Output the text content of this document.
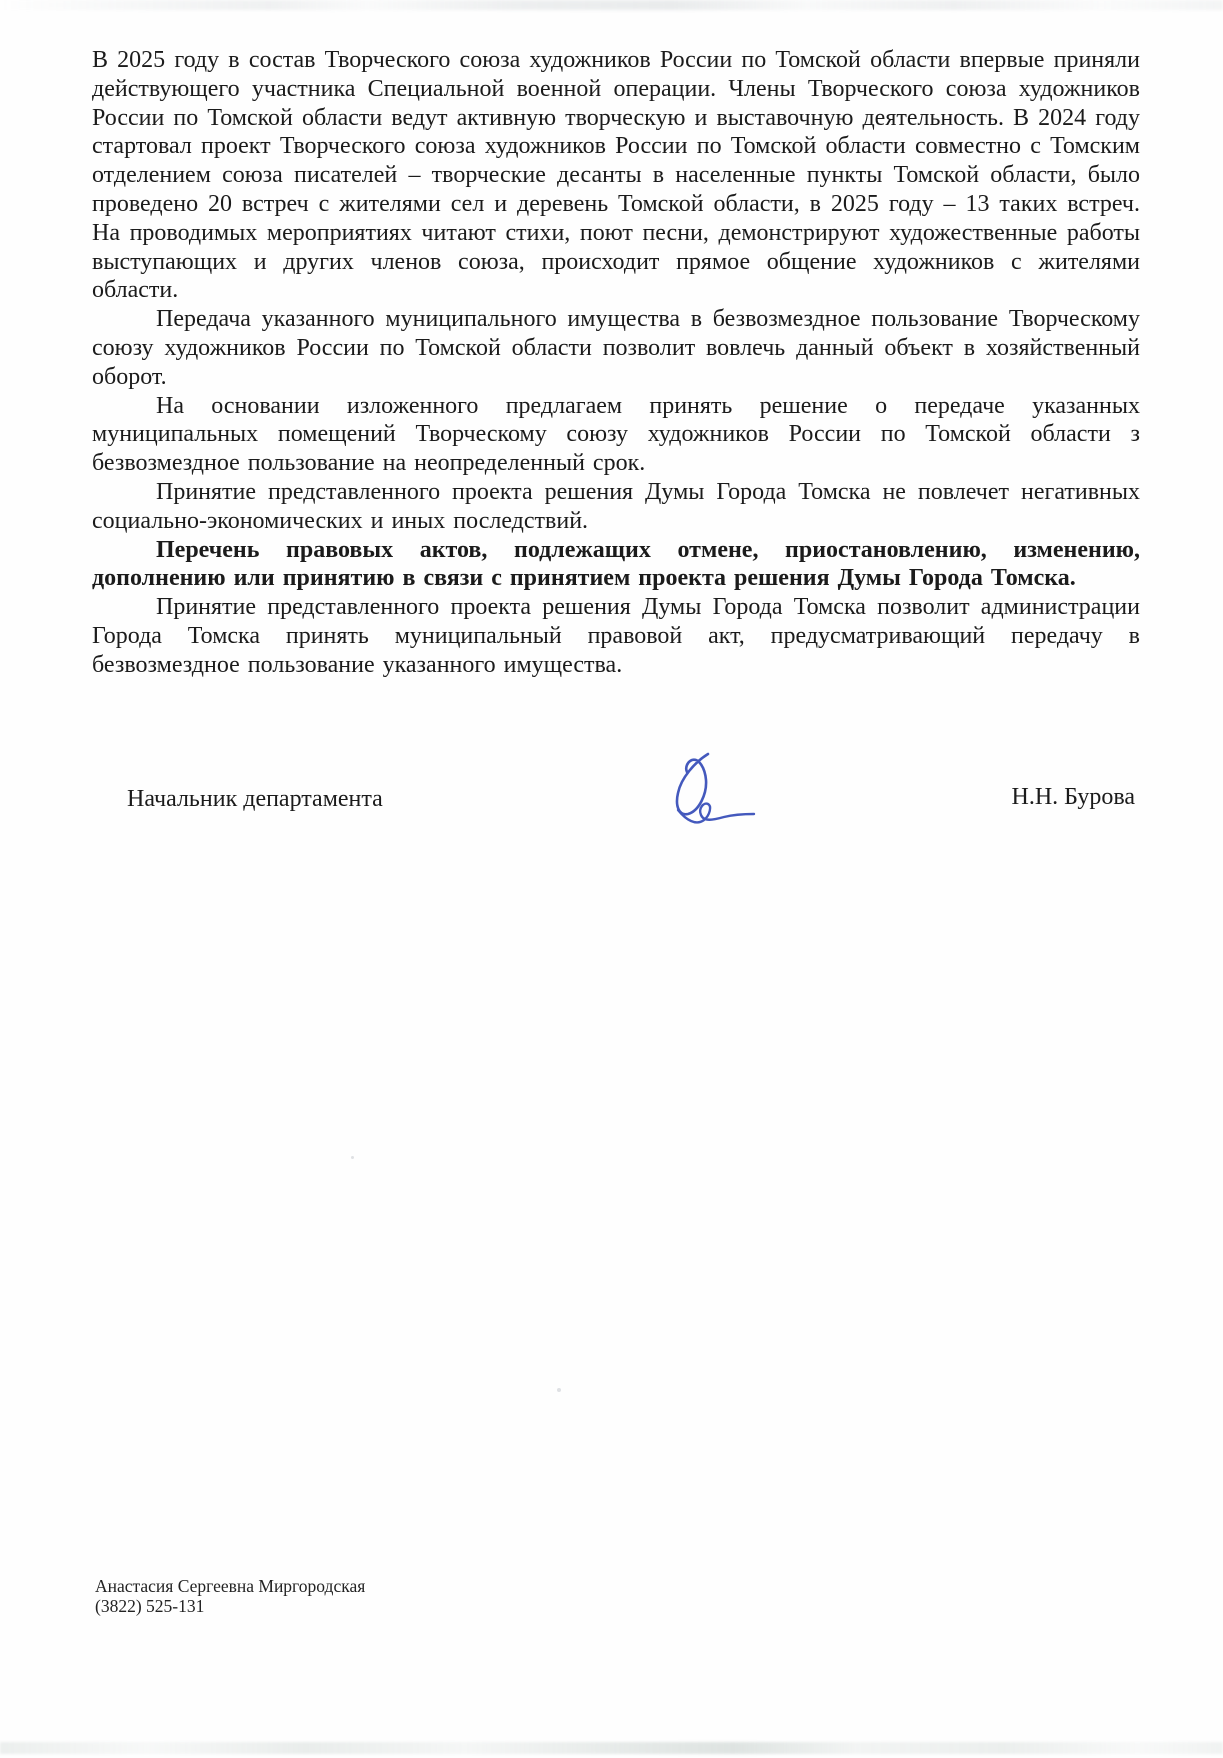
В 2025 году в состав Творческого союза художников России по Томской области впервые приняли действующего участника Специальной военной операции. Члены Творческого союза художников России по Томской области ведут активную творческую и выставочную деятельность. В 2024 году стартовал проект Творческого союза художников России по Томской области совместно с Томским отделением союза писателей – творческие десанты в населенные пункты Томской области, было проведено 20 встреч с жителями сел и деревень Томской области, в 2025 году – 13 таких встреч. На проводимых мероприятиях читают стихи, поют песни, демонстрируют художественные работы выступающих и других членов союза, происходит прямое общение художников с жителями области.

Передача указанного муниципального имущества в безвозмездное пользование Творческому союзу художников России по Томской области позволит вовлечь данный объект в хозяйственный оборот.

На основании изложенного предлагаем принять решение о передаче указанных муниципальных помещений Творческому союзу художников России по Томской области з безвозмездное пользование на неопределенный срок.

Принятие представленного проекта решения Думы Города Томска не повлечет негативных социально-экономических и иных последствий.

Перечень правовых актов, подлежащих отмене, приостановлению, изменению, дополнению или принятию в связи с принятием проекта решения Думы Города Томска.

Принятие представленного проекта решения Думы Города Томска позволит администрации Города Томска принять муниципальный правовой акт, предусматривающий передачу в безвозмездное пользование указанного имущества.

Начальник департамента	Н.Н. Бурова
Анастасия Сергеевна Миргородская
(3822) 525-131
